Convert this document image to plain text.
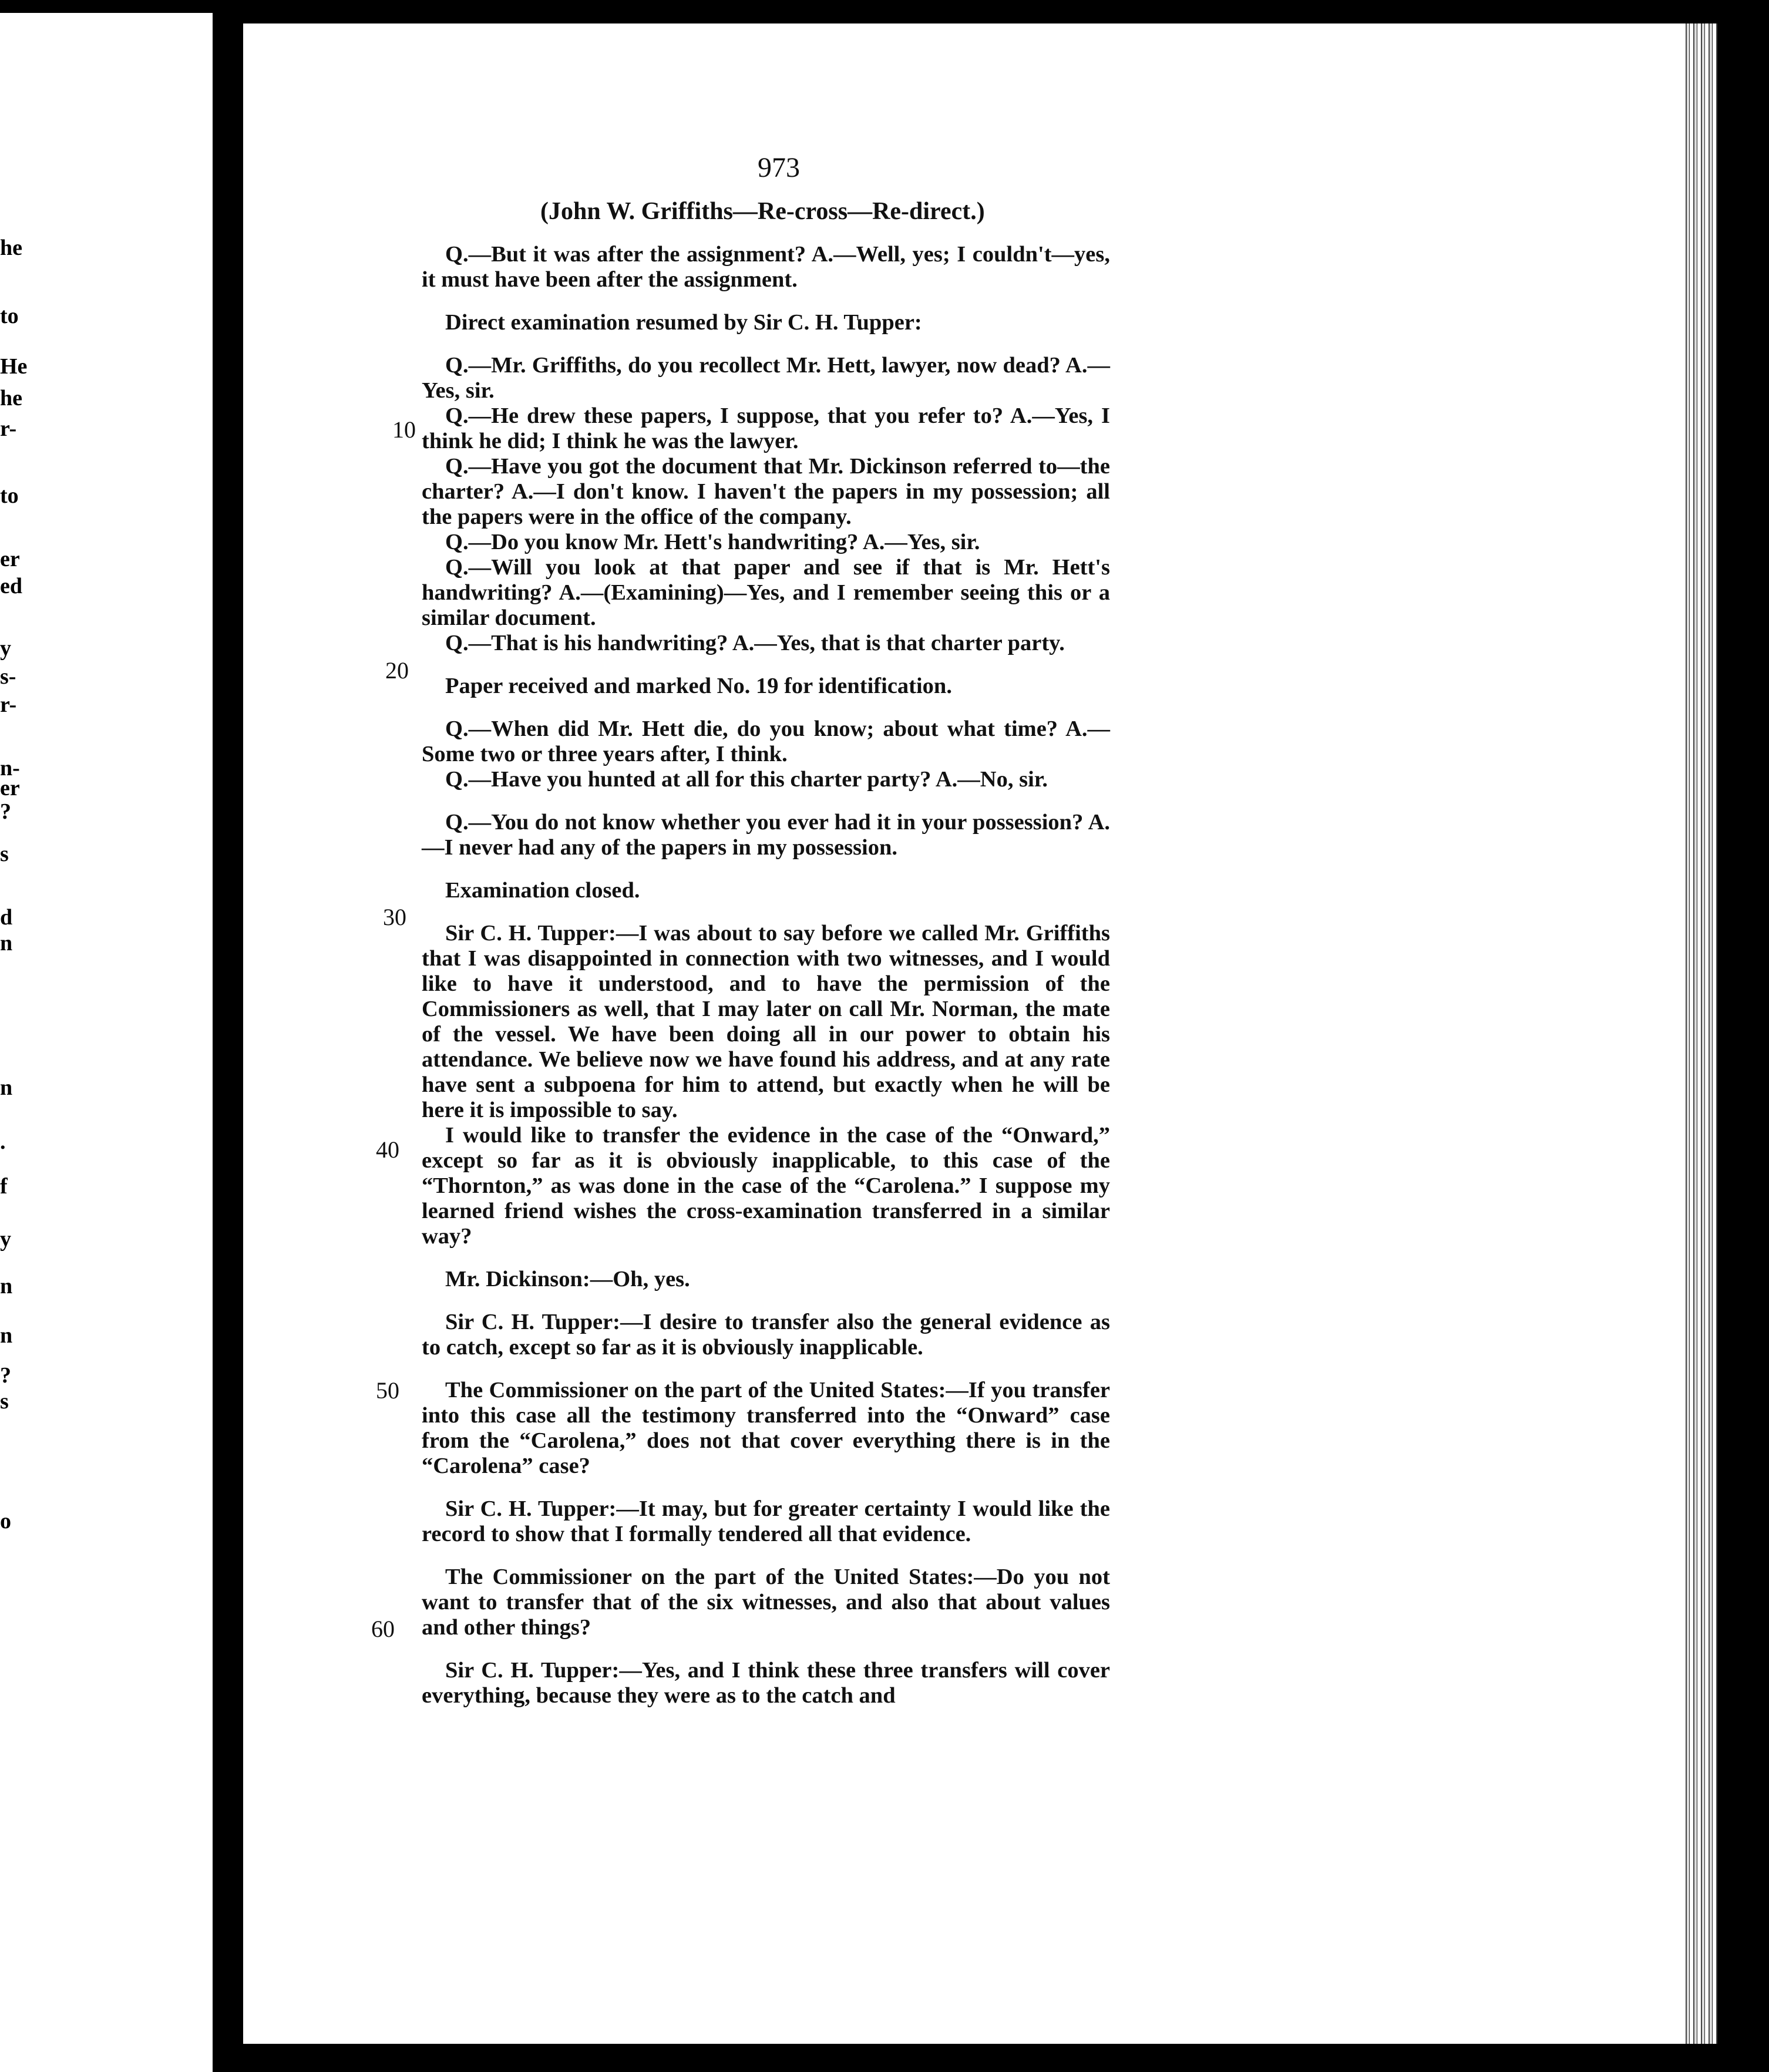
he
to
He
he
r-
to
er
ed
y
s-
r-
n-
er
?
s
d
n
n
.
f
y
n
n
?
s
o
973
(John W. Griffiths—Re-cross—Re-direct.)
10
20
30
40
50
60

Q.—But it was after the assignment? A.—Well, yes; I couldn't—yes, it must have been after the assignment.

Direct examination resumed by Sir C. H. Tupper:

Q.—Mr. Griffiths, do you recollect Mr. Hett, lawyer, now dead? A.—Yes, sir.

Q.—He drew these papers, I suppose, that you refer to? A.—Yes, I think he did; I think he was the lawyer.

Q.—Have you got the document that Mr. Dickinson referred to—the charter? A.—I don't know. I haven't the papers in my possession; all the papers were in the office of the company.

Q.—Do you know Mr. Hett's handwriting? A.—Yes, sir.

Q.—Will you look at that paper and see if that is Mr. Hett's handwriting? A.—(Examining)—Yes, and I remember seeing this or a similar document.

Q.—That is his handwriting? A.—Yes, that is that charter party.

Paper received and marked No. 19 for identification.

Q.—When did Mr. Hett die, do you know; about what time? A.—Some two or three years after, I think.

Q.—Have you hunted at all for this charter party? A.—No, sir.

Q.—You do not know whether you ever had it in your possession? A.—I never had any of the papers in my possession.

Examination closed.

Sir C. H. Tupper:—I was about to say before we called Mr. Griffiths that I was disappointed in connection with two witnesses, and I would like to have it understood, and to have the permission of the Commissioners as well, that I may later on call Mr. Norman, the mate of the vessel. We have been doing all in our power to obtain his attendance. We believe now we have found his address, and at any rate have sent a subpoena for him to attend, but exactly when he will be here it is impossible to say.

I would like to transfer the evidence in the case of the “Onward,” except so far as it is obviously inapplicable, to this case of the “Thornton,” as was done in the case of the “Carolena.” I suppose my learned friend wishes the cross-examination transferred in a similar way?

Mr. Dickinson:—Oh, yes.

Sir C. H. Tupper:—I desire to transfer also the general evidence as to catch, except so far as it is obviously inapplicable.

The Commissioner on the part of the United States:—If you transfer into this case all the testimony transferred into the “Onward” case from the “Carolena,” does not that cover everything there is in the “Carolena” case?

Sir C. H. Tupper:—It may, but for greater certainty I would like the record to show that I formally tendered all that evidence.

The Commissioner on the part of the United States:—Do you not want to transfer that of the six witnesses, and also that about values and other things?

Sir C. H. Tupper:—Yes, and I think these three transfers will cover everything, because they were as to the catch and
